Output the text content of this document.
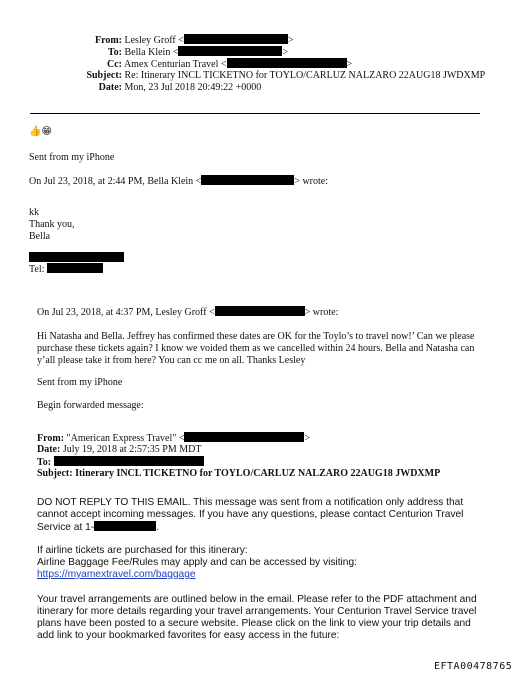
From: Lesley Groff <	>
To: Bella Klein <	>
Cc: Amex Centurian Travel <	>
Subject: Re: Itinerary INCL TICKETNO for TOYLO/CARLUZ NALZARO 22AUG18 JWDXMP
Date: Mon, 23 Jul 2018 20:49:22 +0000
👍😁
Sent from my iPhone
On Jul 23, 2018, at 2:44 PM, Bella Klein <	> wrote:
kk
Thank you,
Bella
Tel:
On Jul 23, 2018, at 4:37 PM, Lesley Groff <	> wrote:
Hi Natasha and Bella. Jeffrey has confirmed these dates are OK for the Toylo’s to travel now!’ Can we please
purchase these tickets again? I know we voided them as we cancelled within 24 hours. Bella and Natasha can
y’all please take it from here? You can cc me on all. Thanks Lesley
Sent from my iPhone
Begin forwarded message:
From: "American Express Travel" <	>
Date: July 19, 2018 at 2:57:35 PM MDT
To:
Subject: Itinerary INCL TICKETNO for TOYLO/CARLUZ NALZARO 22AUG18 JWDXMP
DO NOT REPLY TO THIS EMAIL. This message was sent from a notification only address that
cannot accept incoming messages. If you have any questions, please contact Centurion Travel
Service at 1-	.
If airline tickets are purchased for this itinerary:
Airline Baggage Fee/Rules may apply and can be accessed by visiting:
https://myamextravel.com/baggage
Your travel arrangements are outlined below in the email. Please refer to the PDF attachment and
itinerary for more details regarding your travel arrangements. Your Centurion Travel Service travel
plans have been posted to a secure website. Please click on the link to view your trip details and
add link to your bookmarked favorites for easy access in the future:
EFTA00478765
